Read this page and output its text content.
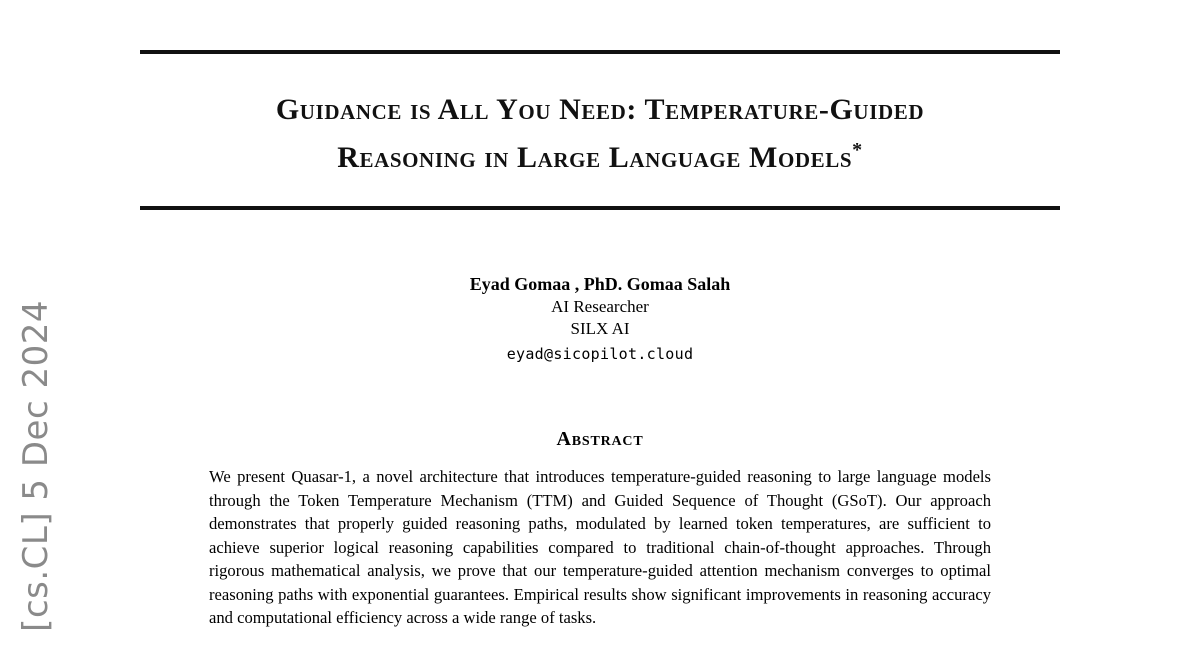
[cs.CL] 5 Dec 2024
Guidance is All You Need: Temperature-Guided
Reasoning in Large Language Models*
Eyad Gomaa , PhD. Gomaa Salah
AI Researcher
SILX AI
eyad@sicopilot.cloud
Abstract

We present Quasar-1, a novel architecture that introduces temperature-guided reasoning to large language models through the Token Temperature Mechanism (TTM) and Guided Sequence of Thought (GSoT). Our approach demonstrates that properly guided reasoning paths, modulated by learned token temperatures, are sufficient to achieve superior logical reasoning capabilities compared to traditional chain-of-thought approaches. Through rigorous mathematical analysis, we prove that our temperature-guided attention mechanism converges to optimal reasoning paths with exponential guarantees. Empirical results show significant improvements in reasoning accuracy and computational efficiency across a wide range of tasks.
